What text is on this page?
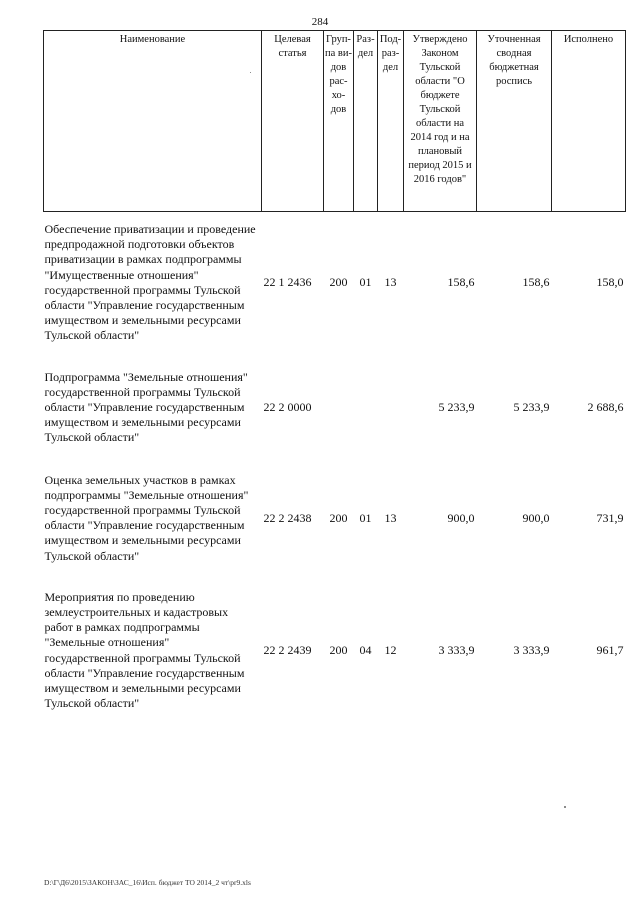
284
Наименование	Целевая статья	Груп- па ви- дов рас- хо- дов	Раз- дел	Под- раз- дел	Утверждено Законом Тульской области "О бюджете Тульской области на 2014 год и на плановый период 2015 и 2016 годов"	Уточненная сводная бюджетная роспись	Исполнено

Обеспечение приватизации и проведение предпродажной подготовки объектов приватизации в рамках подпрограммы "Имущественные отношения" государственной программы Тульской области "Управление государственным имуществом и земельными ресурсами Тульской области"	22 1 2436	200	01	13	158,6	158,6	158,0

Подпрограмма "Земельные отношения" государственной программы Тульской области "Управление государственным имуществом и земельными ресурсами Тульской области"	22 2 0000				5 233,9	5 233,9	2 688,6

Оценка земельных участков в рамках подпрограммы "Земельные отношения" государственной программы Тульской области "Управление государственным имуществом и земельными ресурсами Тульской области"	22 2 2438	200	01	13	900,0	900,0	731,9

Мероприятия по проведению землеустроительных и кадастровых работ в рамках подпрограммы "Земельные отношения" государственной программы Тульской области "Управление государственным имуществом и земельными ресурсами Тульской области"	22 2 2439	200	04	12	3 333,9	3 333,9	961,7
D:\Г\Д6\2015\ЗАКОН\ЗАС_16\Исп. бюджет ТО 2014_2 чт\pr9.xls
